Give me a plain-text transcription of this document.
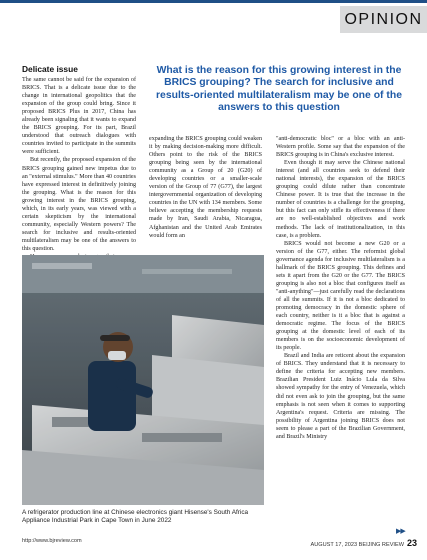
OPINION
What is the reason for this growing interest in the BRICS grouping? The search for inclusive and results-oriented multilateralism may be one of the answers to this question
Delicate issue

The same cannot be said for the expansion of BRICS. That is a delicate issue due to the change in international geopolitics that the expansion of the group could bring. Since it proposed BRICS Plus in 2017, China has already been signaling that it wants to expand the BRICS grouping. For its part, Brazil understood that outreach dialogues with countries invited to participate in the summits were sufficient.

But recently, the proposed expansion of the BRICS grouping gained new impetus due to an "external stimulus." More than 40 countries have expressed interest in definitively joining the grouping. What is the reason for this growing interest in the BRICS grouping, which, in its early years, was viewed with a certain skepticism by the international community, especially Western powers? The search for inclusive and results-oriented multilateralism may be one of the answers to this question.

expanding the BRICS grouping could weaken it by making decision-making more difficult. Others point to the risk of the BRICS grouping being seen by the international community as a Group of 20 (G20) of developing countries or a smaller-scale version of the Group of 77 (G77), the largest intergovernmental organization of developing countries in the UN with 134 members. Some believe accepting the membership requests made by Iran, Saudi Arabia, Nicaragua, Afghanistan and the United Arab Emirates would form an

"anti-democratic bloc" or a bloc with an anti-Western profile. Some say that the expansion of the BRICS grouping is in China's exclusive interest.

Even though it may serve the Chinese national interest (and all countries seek to defend their national interests), the expansion of the BRICS grouping could dilute rather than concentrate Chinese power. It is true that the increase in the number of countries is a challenge for the grouping, but this fact can only stifle its effectiveness if there are no well-established objectives and work methods. The lack of institutionalization, in this case, is a problem.

BRICS would not become a new G20 or a version of the G77, either. The reformist global governance agenda for inclusive multilateralism is a hallmark of the BRICS grouping. This defines and sets it apart from the G20 or the G77. The BRICS grouping is also not a bloc that configures itself as "anti-anything"—just carefully read the declarations of all the summits. If it is not a bloc dedicated to promoting democracy in the domestic sphere of each country, neither is it a bloc that is against a democratic regime. The focus of the BRICS grouping at the domestic level of each of its members is on the socioeconomic development of its people.

Brazil and India are reticent about the expansion of BRICS. They understand that it is necessary to define the criteria for accepting new members. Brazilian President Luiz Inácio Lula da Silva showed sympathy for the entry of Venezuela, which did not even ask to join the grouping, but the same emphasis is not seen when it comes to supporting Argentina's request. Criteria are missing. The possibility of Argentina joining BRICS does not seem to please a part of the Brazilian Government, and Brazil's Ministry

A refrigerator production line at Chinese electronics giant Hisense's South Africa Appliance Industrial Park in Cape Town in June 2022
▶▶
http://www.bjreview.com
AUGUST 17, 2023 BEIJING REVIEW 23
